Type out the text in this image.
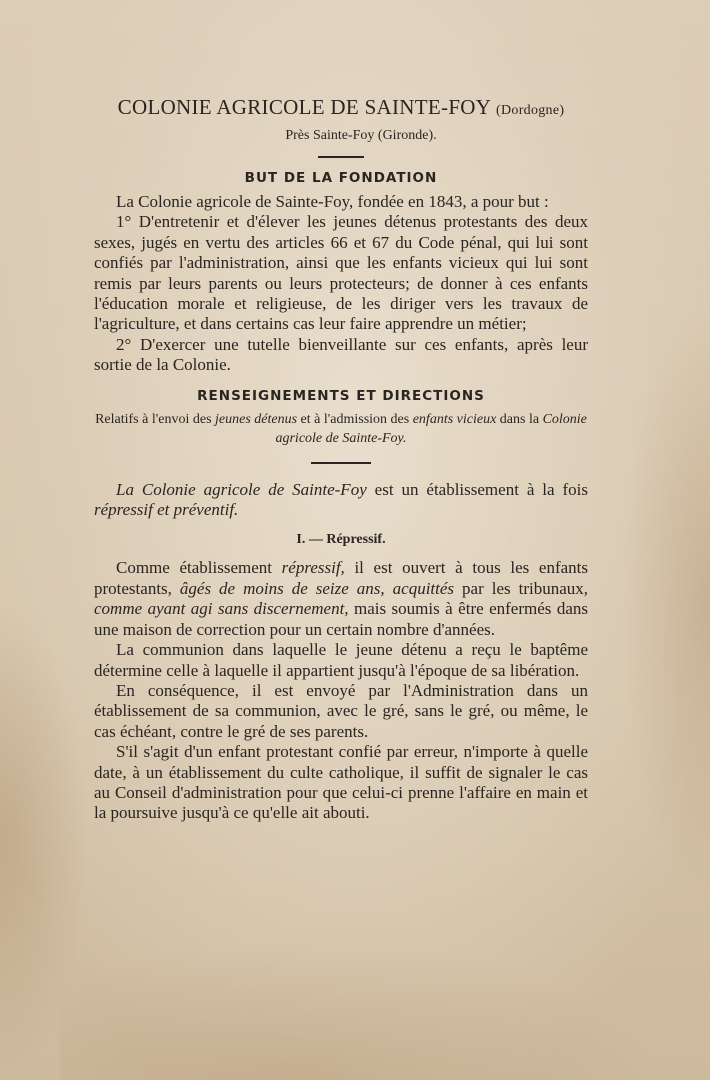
COLONIE AGRICOLE DE SAINTE-FOY (Dordogne)

Près Sainte-Foy (Gironde).

BUT DE LA FONDATION

La Colonie agricole de Sainte-Foy, fondée en 1843, a pour but :

1° D'entretenir et d'élever les jeunes détenus protestants des deux sexes, jugés en vertu des articles 66 et 67 du Code pénal, qui lui sont confiés par l'administration, ainsi que les enfants vicieux qui lui sont remis par leurs parents ou leurs protecteurs; de donner à ces enfants l'éducation morale et religieuse, de les diriger vers les travaux de l'agriculture, et dans certains cas leur faire apprendre un métier;

2° D'exercer une tutelle bienveillante sur ces enfants, après leur sortie de la Colonie.

RENSEIGNEMENTS ET DIRECTIONS

Relatifs à l'envoi des jeunes détenus et à l'admission des enfants vicieux dans la Colonie agricole de Sainte-Foy.

La Colonie agricole de Sainte-Foy est un établissement à la fois répressif et préventif.

I. — Répressif.

Comme établissement répressif, il est ouvert à tous les enfants protestants, âgés de moins de seize ans, acquittés par les tribunaux, comme ayant agi sans discernement, mais soumis à être enfermés dans une maison de correction pour un certain nombre d'années.

La communion dans laquelle le jeune détenu a reçu le baptême détermine celle à laquelle il appartient jusqu'à l'époque de sa libération.

En conséquence, il est envoyé par l'Administration dans un établissement de sa communion, avec le gré, sans le gré, ou même, le cas échéant, contre le gré de ses parents.

S'il s'agit d'un enfant protestant confié par erreur, n'importe à quelle date, à un établissement du culte catholique, il suffit de signaler le cas au Conseil d'administration pour que celui-ci prenne l'affaire en main et la poursuive jusqu'à ce qu'elle ait abouti.
